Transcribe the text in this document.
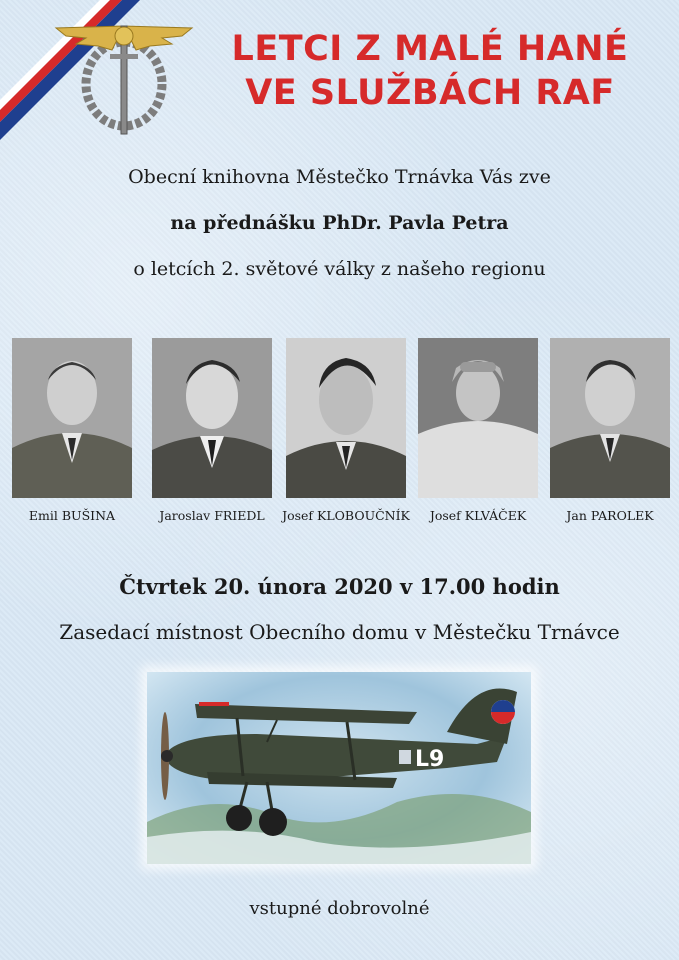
LETCI Z MALÉ HANÉ
VE SLUŽBÁCH RAF
Obecní knihovna Městečko Trnávka Vás zve
na přednášku PhDr. Pavla Petra
o letcích 2. světové války z našeho regionu
Emil BUŠINA	Jaroslav FRIEDL	Josef KLOBOUČNÍK	Josef KLVÁČEK	Jan PAROLEK
Čtvrtek 20. února 2020 v 17.00 hodin
Zasedací místnost Obecního domu v Městečku Trnávce
L9
vstupné dobrovolné
